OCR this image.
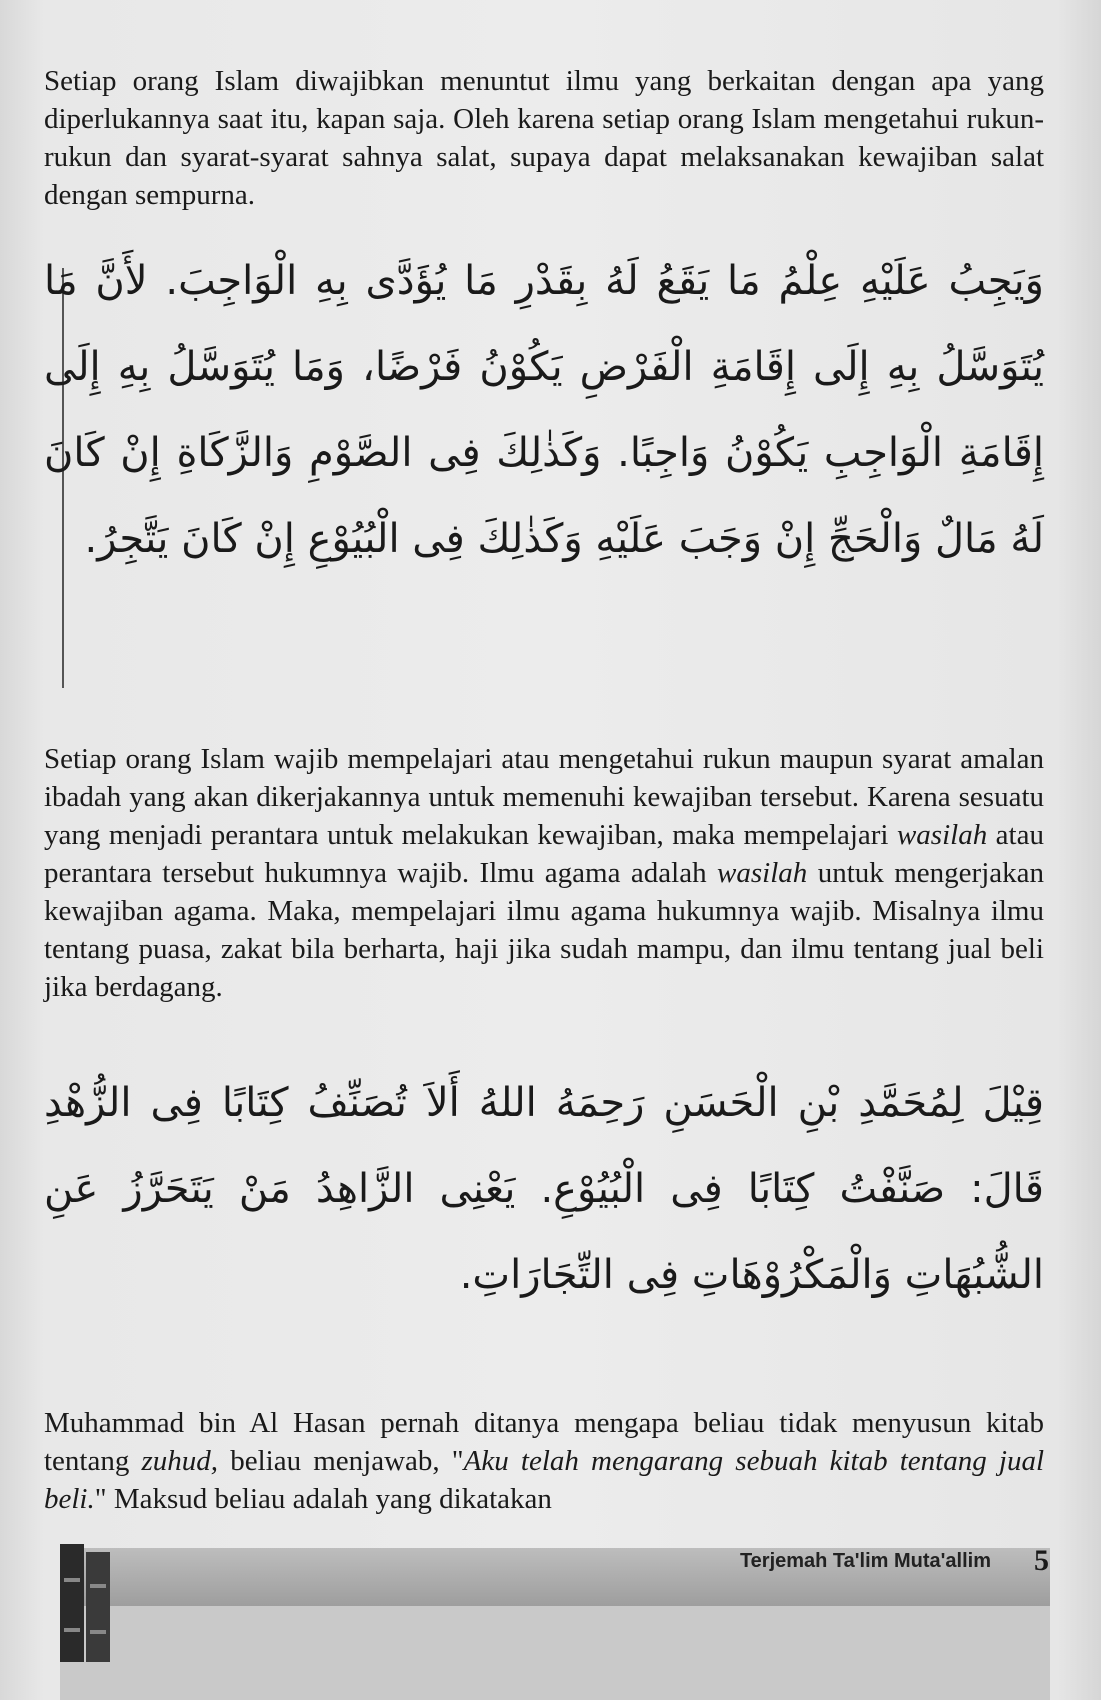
Setiap orang Islam diwajibkan menuntut ilmu yang berkaitan dengan apa yang diperlukannya saat itu, kapan saja. Oleh karena setiap orang Islam mengetahui rukun-rukun dan syarat-syarat sahnya salat, supaya dapat melaksanakan kewajiban salat dengan sempurna.

وَيَجِبُ عَلَيْهِ عِلْمُ مَا يَقَعُ لَهُ بِقَدْرِ مَا يُؤَدَّى بِهِ الْوَاجِبَ. لأَنَّ مَا يُتَوَسَّلُ بِهِ إِلَى إِقَامَةِ الْفَرْضِ يَكُوْنُ فَرْضًا، وَمَا يُتَوَسَّلُ بِهِ إِلَى إِقَامَةِ الْوَاجِبِ يَكُوْنُ وَاجِبًا. وَكَذٰلِكَ فِى الصَّوْمِ وَالزَّكَاةِ إِنْ كَانَ لَهُ مَالٌ وَالْحَجِّ إِنْ وَجَبَ عَلَيْهِ وَكَذٰلِكَ فِى الْبُيُوْعِ إِنْ كَانَ يَتَّجِرُ.

Setiap orang Islam wajib mempelajari atau mengetahui rukun maupun syarat amalan ibadah yang akan dikerjakannya untuk memenuhi kewajiban tersebut. Karena sesuatu yang menjadi perantara untuk melakukan kewajiban, maka mempelajari wasilah atau perantara tersebut hukumnya wajib. Ilmu agama adalah wasilah untuk mengerjakan kewajiban agama. Maka, mempelajari ilmu agama hukumnya wajib. Misalnya ilmu tentang puasa, zakat bila berharta, haji jika sudah mampu, dan ilmu tentang jual beli jika berdagang.

قِيْلَ لِمُحَمَّدِ بْنِ الْحَسَنِ رَحِمَهُ اللهُ أَلاَ تُصَنِّفُ كِتَابًا فِى الزُّهْدِ قَالَ: صَنَّفْتُ كِتَابًا فِى الْبُيُوْعِ. يَعْنِى الزَّاهِدُ مَنْ يَتَحَرَّزُ عَنِ الشُّبُهَاتِ وَالْمَكْرُوْهَاتِ فِى التِّجَارَاتِ.

Muhammad bin Al Hasan pernah ditanya mengapa beliau tidak menyusun kitab tentang zuhud, beliau menjawab, "Aku telah mengarang sebuah kitab tentang jual beli." Maksud beliau adalah yang dikatakan

Terjemah Ta'lim Muta'allim 5
